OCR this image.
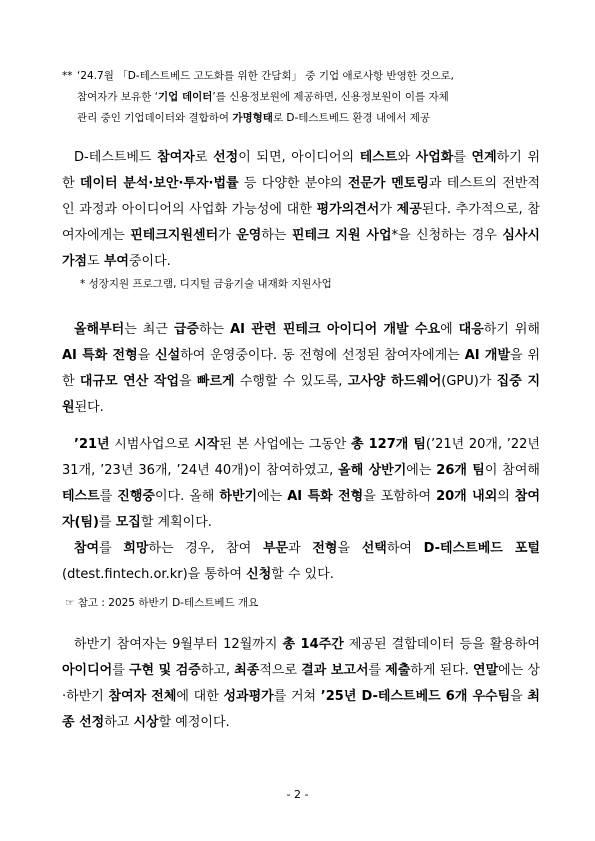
** ‘24.7월 「D-테스트베드 고도화를 위한 간담회」 중 기업 애로사항 반영한 것으로,
참여자가 보유한 ‘기업 데이터’를 신용정보원에 제공하면, 신용정보원이 이를 자체
관리 중인 기업데이터와 결합하여 가명형태로 D-테스트베드 환경 내에서 제공

D-테스트베드 참여자로 선정이 되면, 아이디어의 테스트와 사업화를 연계하기 위한 데이터 분석·보안·투자·법률 등 다양한 분야의 전문가 멘토링과 테스트의 전반적인 과정과 아이디어의 사업화 가능성에 대한 평가의견서가 제공된다. 추가적으로, 참여자에게는 핀테크지원센터가 운영하는 핀테크 지원 사업*을 신청하는 경우 심사시 가점도 부여중이다.

* 성장지원 프로그램, 디지털 금융기술 내재화 지원사업

올해부터는 최근 급증하는 AI 관련 핀테크 아이디어 개발 수요에 대응하기 위해 AI 특화 전형을 신설하여 운영중이다. 동 전형에 선정된 참여자에게는 AI 개발을 위한 대규모 연산 작업을 빠르게 수행할 수 있도록, 고사양 하드웨어(GPU)가 집중 지원된다.

’21년 시범사업으로 시작된 본 사업에는 그동안 총 127개 팀(’21년 20개, ’22년 31개, ’23년 36개, ’24년 40개)이 참여하였고, 올해 상반기에는 26개 팀이 참여해 테스트를 진행중이다. 올해 하반기에는 AI 특화 전형을 포함하여 20개 내외의 참여자(팀)를 모집할 계획이다.

참여를 희망하는 경우, 참여 부문과 전형을 선택하여 D-테스트베드 포털(dtest.fintech.or.kr)을 통하여 신청할 수 있다.

☞ 참고 : 2025 하반기 D-테스트베드 개요

하반기 참여자는 9월부터 12월까지 총 14주간 제공된 결합데이터 등을 활용하여 아이디어를 구현 및 검증하고, 최종적으로 결과 보고서를 제출하게 된다. 연말에는 상·하반기 참여자 전체에 대한 성과평가를 거쳐 ’25년 D-테스트베드 6개 우수팀을 최종 선정하고 시상할 예정이다.

- 2 -
